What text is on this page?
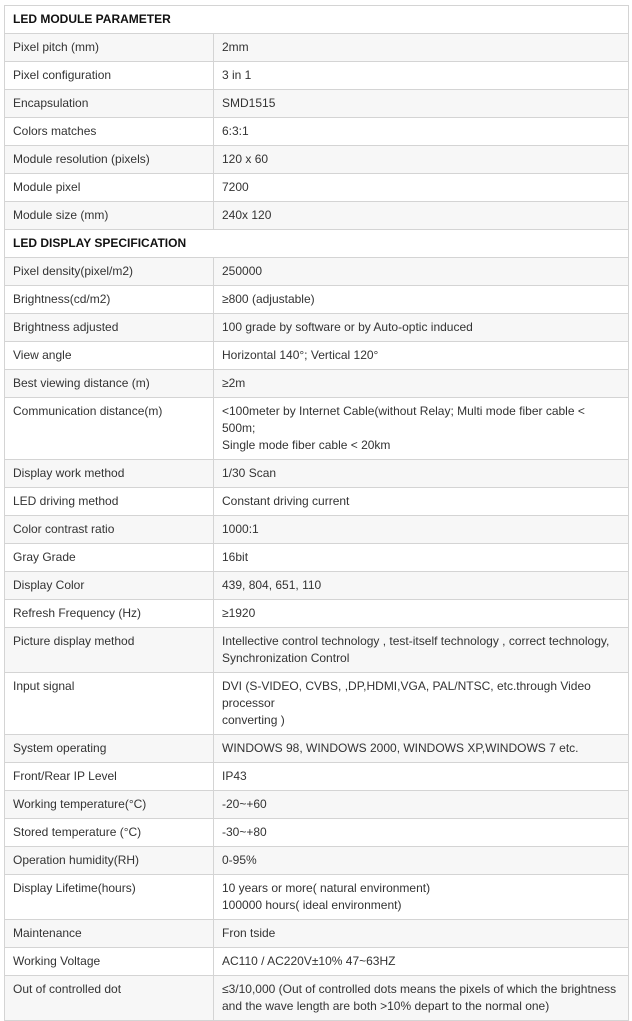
LED MODULE PARAMETER	
Pixel pitch (mm)	2mm
Pixel configuration	3 in 1
Encapsulation	SMD1515
Colors matches	6:3:1
Module resolution (pixels)	120 x 60
Module pixel	7200
Module size (mm)	240x 120
LED DISPLAY SPECIFICATION	
Pixel density(pixel/m2)	250000
Brightness(cd/m2)	≥800 (adjustable)
Brightness adjusted	100 grade by software or by Auto-optic induced
View angle	Horizontal 140°; Vertical 120°
Best viewing distance (m)	≥2m
Communication distance(m)	<100meter by Internet Cable(without Relay; Multi mode fiber cable < 500m;
Single mode fiber cable < 20km
Display work method	1/30 Scan
LED driving method	Constant driving current
Color contrast ratio	1000:1
Gray Grade	16bit
Display Color	439, 804, 651, 110
Refresh Frequency (Hz)	≥1920
Picture display method	Intellective control technology , test-itself technology , correct technology,
Synchronization Control
Input signal	DVI (S-VIDEO, CVBS, ,DP,HDMI,VGA, PAL/NTSC, etc.through Video
processor
converting )
System operating	WINDOWS 98, WINDOWS 2000, WINDOWS XP,WINDOWS 7 etc.
Front/Rear IP Level	IP43
Working temperature(°C)	-20~+60
Stored temperature (°C)	-30~+80
Operation humidity(RH)	0-95%
Display Lifetime(hours)	10 years or more( natural environment)
100000 hours( ideal environment)
Maintenance	Fron tside
Working Voltage	AC110 / AC220V±10% 47~63HZ
Out of controlled dot	≤3/10,000 (Out of controlled dots means the pixels of which the brightness
and the wave length are both >10% depart to the normal one)
